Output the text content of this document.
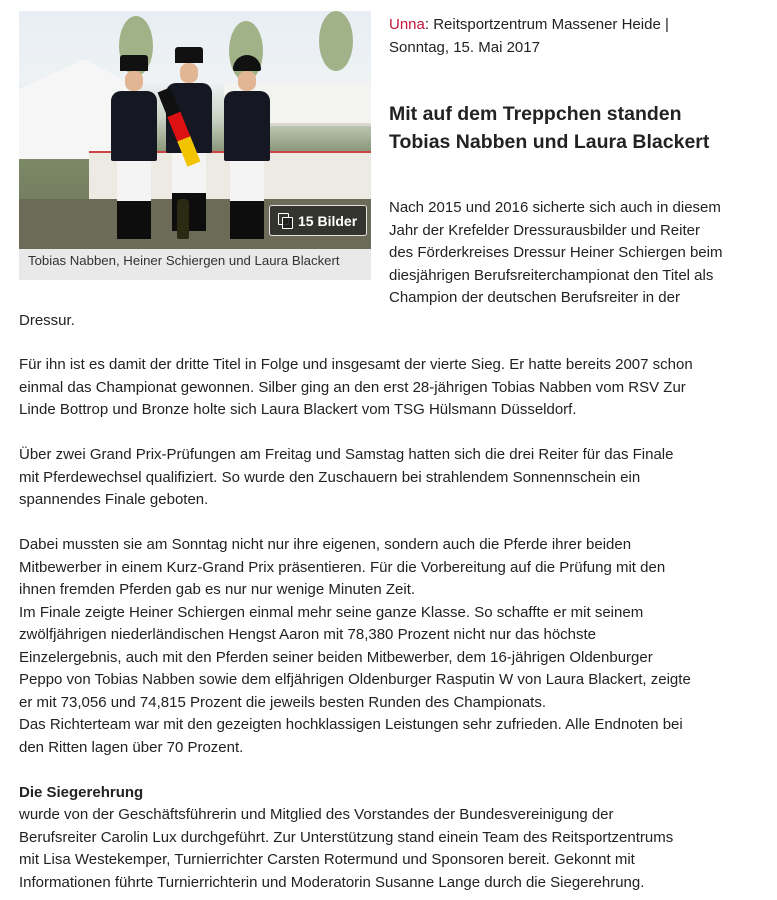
15 Bilder
Tobias Nabben, Heiner Schiergen und Laura Blackert
Unna: Reitsportzentrum Massener Heide |
Sonntag, 15. Mai 2017
Mit auf dem Treppchen standen
Tobias Nabben und Laura Blackert

Nach 2015 und 2016 sicherte sich auch in diesem
Jahr der Krefelder Dressurausbilder und Reiter
des Förderkreises Dressur Heiner Schiergen beim
diesjährigen Berufsreiterchampionat den Titel als
Champion der deutschen Berufsreiter in der

Dressur.

Für ihn ist es damit der dritte Titel in Folge und insgesamt der vierte Sieg. Er hatte bereits 2007 schon
einmal das Championat gewonnen. Silber ging an den erst 28-jährigen Tobias Nabben vom RSV Zur
Linde Bottrop und Bronze holte sich Laura Blackert vom TSG Hülsmann Düsseldorf.

Über zwei Grand Prix-Prüfungen am Freitag und Samstag hatten sich die drei Reiter für das Finale
mit Pferdewechsel qualifiziert. So wurde den Zuschauern bei strahlendem Sonnennschein ein
spannendes Finale geboten.

Dabei mussten sie am Sonntag nicht nur ihre eigenen, sondern auch die Pferde ihrer beiden
Mitbewerber in einem Kurz-Grand Prix präsentieren. Für die Vorbereitung auf die Prüfung mit den
ihnen fremden Pferden gab es nur nur wenige Minuten Zeit.
Im Finale zeigte Heiner Schiergen einmal mehr seine ganze Klasse. So schaffte er mit seinem
zwölfjährigen niederländischen Hengst Aaron mit 78,380 Prozent nicht nur das höchste
Einzelergebnis, auch mit den Pferden seiner beiden Mitbewerber, dem 16-jährigen Oldenburger
Peppo von Tobias Nabben sowie dem elfjährigen Oldenburger Rasputin W von Laura Blackert, zeigte
er mit 73,056 und 74,815 Prozent die jeweils besten Runden des Championats.
Das Richterteam war mit den gezeigten hochklassigen Leistungen sehr zufrieden. Alle Endnoten bei
den Ritten lagen über 70 Prozent.

Die Siegerehrung

wurde von der Geschäftsführerin und Mitglied des Vorstandes der Bundesvereinigung der
Berufsreiter Carolin Lux durchgeführt. Zur Unterstützung stand einein Team des Reitsportzentrums
mit Lisa Westekemper, Turnierrichter Carsten Rotermund und Sponsoren bereit. Gekonnt mit
Informationen führte Turnierrichterin und Moderatorin Susanne Lange durch die Siegerehrung.
